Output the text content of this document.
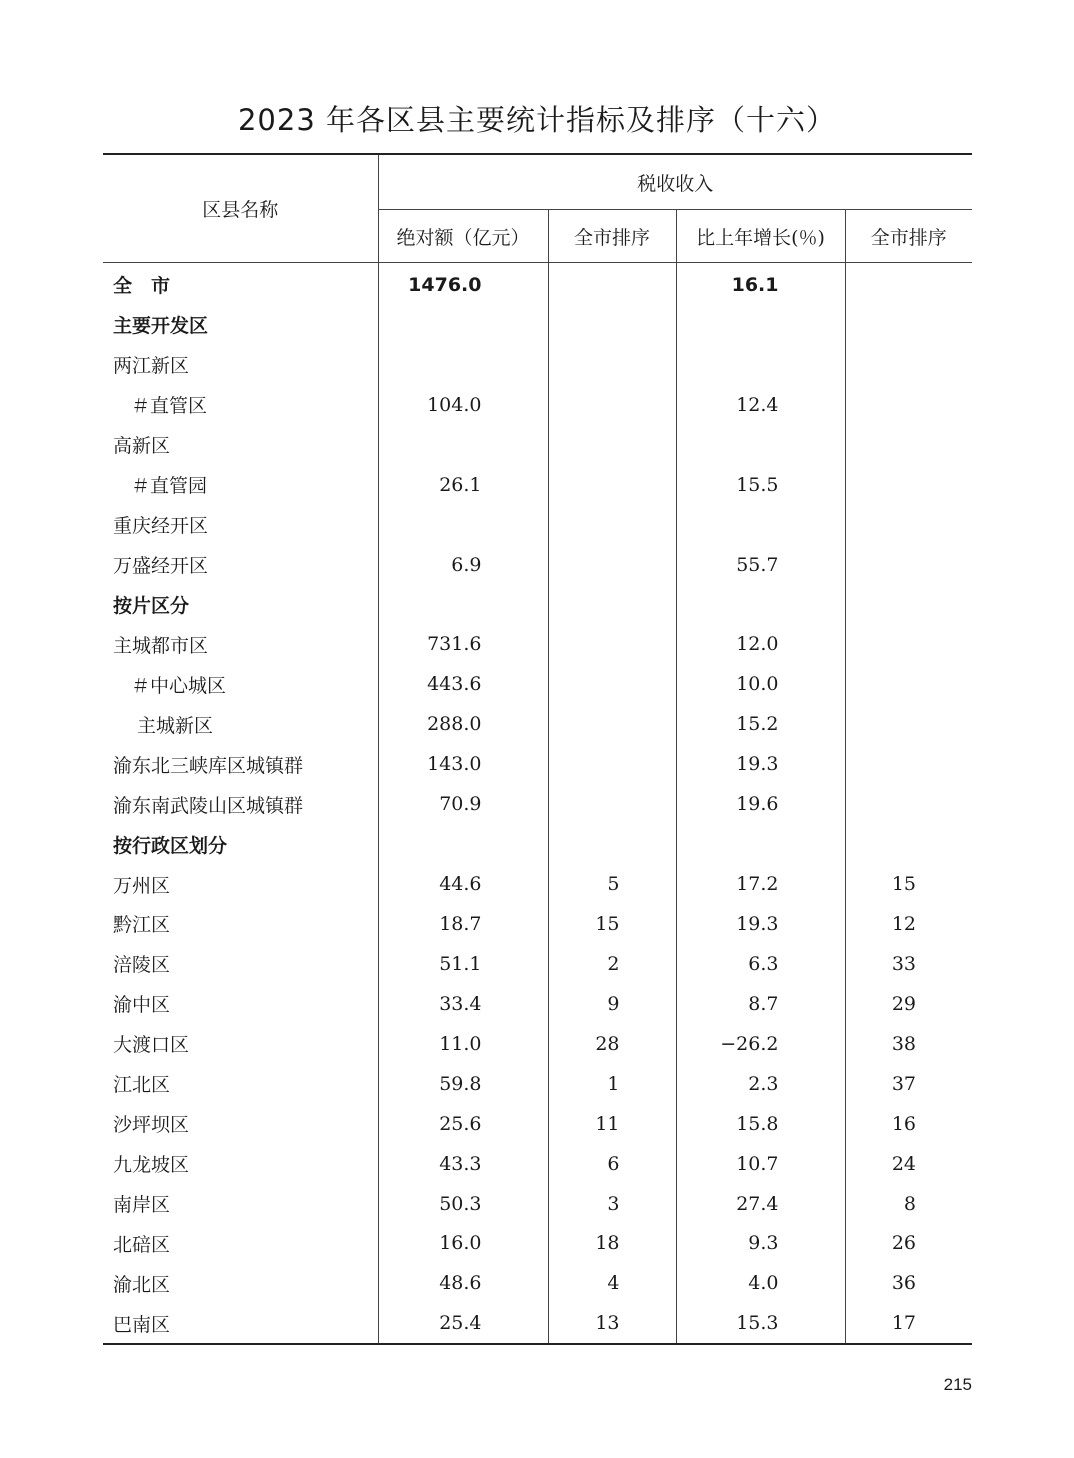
2023 年各区县主要统计指标及排序（十六）
区县名称	税收收入			
	绝对额（亿元）	全市排序	比上年增长(％)	全市排序
全　市	1476.0		16.1	
主要开发区				
两江新区				
＃直管区	104.0		12.4	
高新区				
＃直管园	26.1		15.5	
重庆经开区				
万盛经开区	6.9		55.7	
按片区分				
主城都市区	731.6		12.0	
＃中心城区	443.6		10.0	
主城新区	288.0		15.2	
渝东北三峡库区城镇群	143.0		19.3	
渝东南武陵山区城镇群	70.9		19.6	
按行政区划分				
万州区	44.6	5	17.2	15
黔江区	18.7	15	19.3	12
涪陵区	51.1	2	6.3	33
渝中区	33.4	9	8.7	29
大渡口区	11.0	28	−26.2	38
江北区	59.8	1	2.3	37
沙坪坝区	25.6	11	15.8	16
九龙坡区	43.3	6	10.7	24
南岸区	50.3	3	27.4	8
北碚区	16.0	18	9.3	26
渝北区	48.6	4	4.0	36
巴南区	25.4	13	15.3	17
215
